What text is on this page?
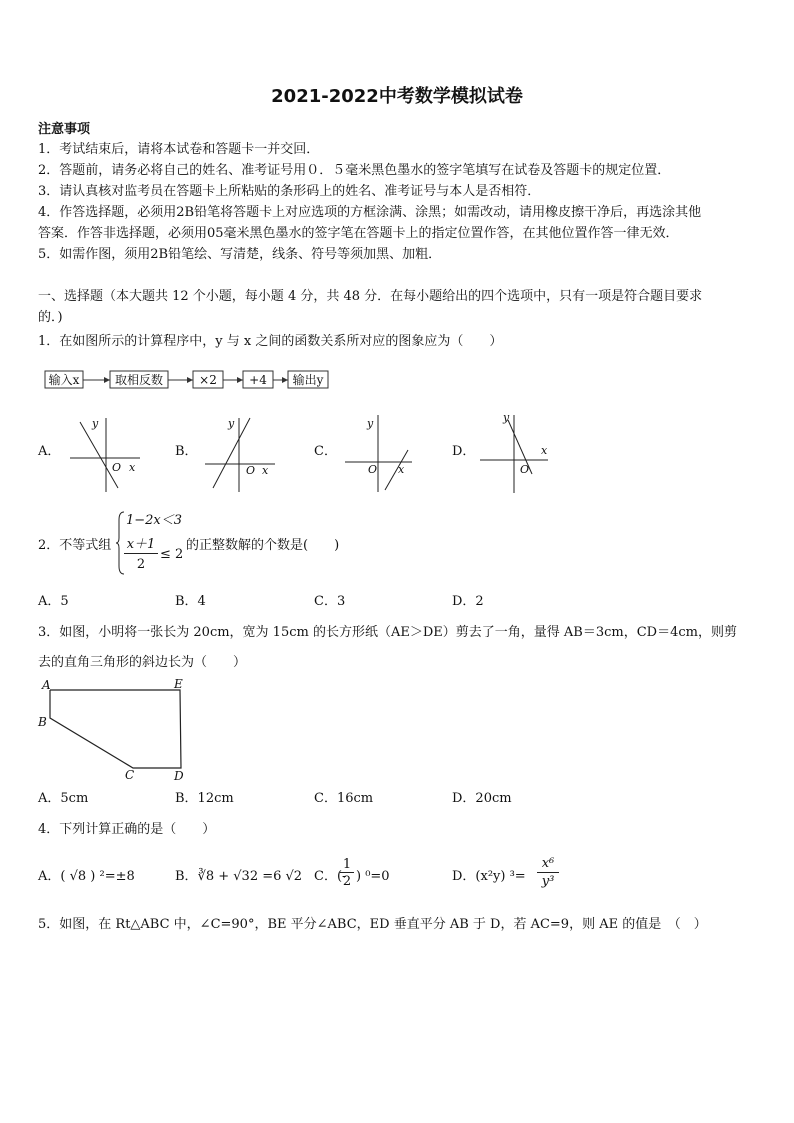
2021-2022中考数学模拟试卷
注意事项
1．考试结束后，请将本试卷和答题卡一并交回．
2．答题前，请务必将自己的姓名、准考证号用０．５毫米黑色墨水的签字笔填写在试卷及答题卡的规定位置．
3．请认真核对监考员在答题卡上所粘贴的条形码上的姓名、准考证号与本人是否相符．
4．作答选择题，必须用2B铅笔将答题卡上对应选项的方框涂满、涂黑；如需改动，请用橡皮擦干净后，再选涂其他
答案．作答非选择题，必须用05毫米黑色墨水的签字笔在答题卡上的指定位置作答，在其他位置作答一律无效．
5．如需作图，须用2B铅笔绘、写清楚，线条、符号等须加黑、加粗．
一、选择题（本大题共 12 个小题，每小题 4 分，共 48 分．在每小题给出的四个选项中，只有一项是符合题目要求
的．)
1．在如图所示的计算程序中，y 与 x 之间的函数关系所对应的图象应为（　　）
输入x	取相反数	×2	+4 输出y
y
x
O
y
x
O
y
x
O
y
x
O
A．	B．	C．	D．
2．不等式组
1−2x＜3
x＋1
2
≤ 2
的正整数解的个数是(　　)
A．5	B．4	C．3	D．2
3．如图，小明将一张长为 20cm，宽为 15cm 的长方形纸（AE＞DE）剪去了一角，量得 AB＝3cm，CD＝4cm，则剪
去的直角三角形的斜边长为（　　）
A	E
B
C	D
A．5cm	B．12cm	C．16cm	D．20cm
4．下列计算正确的是（　　）
A．( √8 ) ²=±8	B．∛8 + √32 =6 √2 C．(-
1
2 ) ⁰=0	D．(x²y) ³=
x⁶
y³
5．如图，在 Rt△ABC 中，∠C=90°，BE 平分∠ABC，ED 垂直平分 AB 于 D，若 AC=9，则 AE 的值是　（　）
